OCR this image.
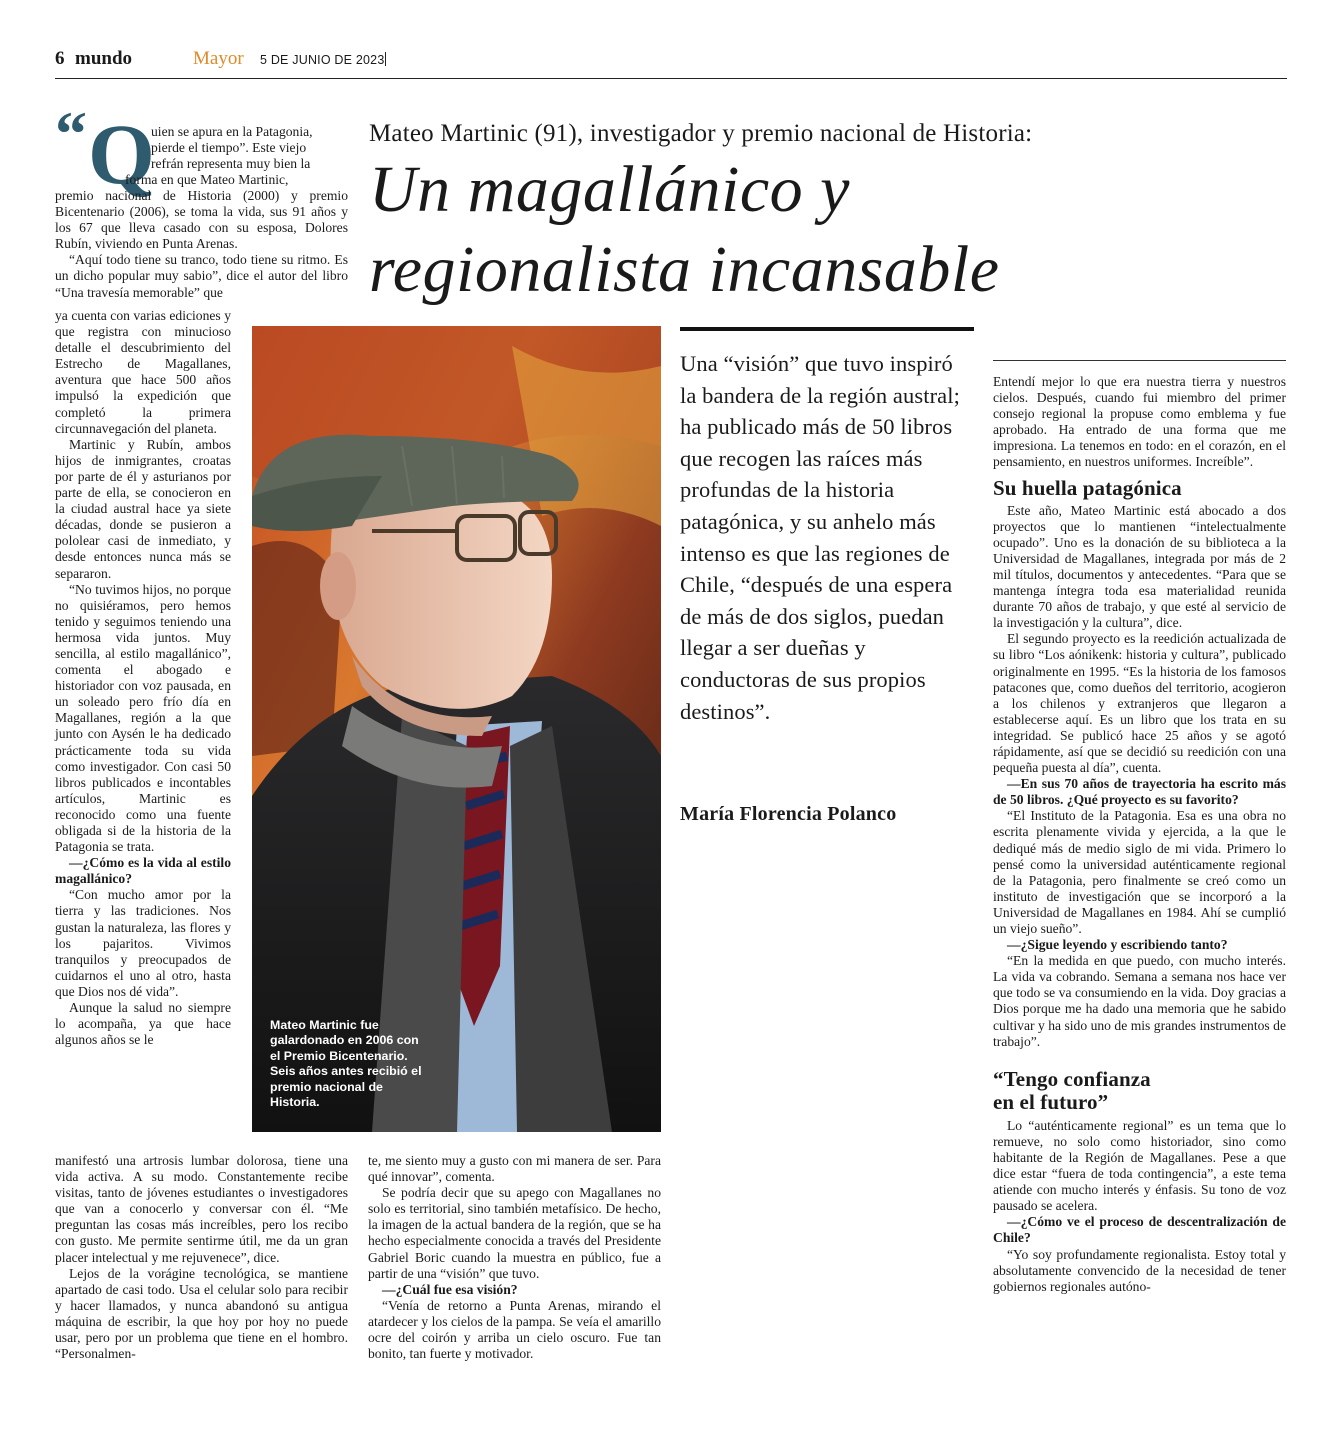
6 mundo	Mayor 5 DE JUNIO DE 2023
Mateo Martinic (91), investigador y premio nacional de Historia:
Un magallánico y
regionalista incansable
“ Q
uien se apura en la Patagonia,
pierde el tiempo”. Este viejo
refrán representa muy bien la
forma en que Mateo Martinic,

premio nacional de Historia (2000) y premio Bicentenario (2006), se toma la vida, sus 91 años y los 67 que lleva casado con su esposa, Dolores Rubín, viviendo en Punta Arenas.

“Aquí todo tiene su tranco, todo tiene su ritmo. Es un dicho popular muy sabio”, dice el autor del libro “Una travesía memorable” que

ya cuenta con varias ediciones y que registra con minucioso detalle el descubrimiento del Estrecho de Magallanes, aventura que hace 500 años impulsó la expedición que completó la primera circunnavegación del planeta.

Martinic y Rubín, ambos hijos de inmigrantes, croatas por parte de él y asturianos por parte de ella, se conocieron en la ciudad austral hace ya siete décadas, donde se pusieron a pololear casi de inmediato, y desde entonces nunca más se separaron.

“No tuvimos hijos, no porque no quisiéramos, pero hemos tenido y seguimos teniendo una hermosa vida juntos. Muy sencilla, al estilo magallánico”, comenta el abogado e historiador con voz pausada, en un soleado pero frío día en Magallanes, región a la que junto con Aysén le ha dedicado prácticamente toda su vida como investigador. Con casi 50 libros publicados e incontables artículos, Martinic es reconocido como una fuente obligada si de la historia de la Patagonia se trata.

—¿Cómo es la vida al estilo magallánico?

“Con mucho amor por la tierra y las tradiciones. Nos gustan la naturaleza, las flores y los pajaritos. Vivimos tranquilos y preocupados de cuidarnos el uno al otro, hasta que Dios nos dé vida”.

Aunque la salud no siempre lo acompaña, ya que hace algunos años se le

manifestó una artrosis lumbar dolorosa, tiene una vida activa. A su modo. Constantemente recibe visitas, tanto de jóvenes estudiantes o investigadores que van a conocerlo y conversar con él. “Me preguntan las cosas más increíbles, pero los recibo con gusto. Me permite sentirme útil, me da un gran placer intelectual y me rejuvenece”, dice.

Lejos de la vorágine tecnológica, se mantiene apartado de casi todo. Usa el celular solo para recibir y hacer llamados, y nunca abandonó su antigua máquina de escribir, la que hoy por hoy no puede usar, pero por un problema que tiene en el hombro. “Personalmen-

Mateo Martinic fue galardonado en 2006 con el Premio Bicentenario. Seis años antes recibió el premio nacional de Historia.

te, me siento muy a gusto con mi manera de ser. Para qué innovar”, comenta.

Se podría decir que su apego con Magallanes no solo es territorial, sino también metafísico. De hecho, la imagen de la actual bandera de la región, que se ha hecho especialmente conocida a través del Presidente Gabriel Boric cuando la muestra en público, fue a partir de una “visión” que tuvo.

—¿Cuál fue esa visión?

“Venía de retorno a Punta Arenas, mirando el atardecer y los cielos de la pampa. Se veía el amarillo ocre del coirón y arriba un cielo oscuro. Fue tan bonito, tan fuerte y motivador.

Una “visión” que tuvo inspiró la bandera de la región austral; ha publicado más de 50 libros que recogen las raíces más profundas de la historia patagónica, y su anhelo más intenso es que las regiones de Chile, “después de una espera de más de dos siglos, puedan llegar a ser dueñas y conductoras de sus propios destinos”.
María Florencia Polanco

Entendí mejor lo que era nuestra tierra y nuestros cielos. Después, cuando fui miembro del primer consejo regional la propuse como emblema y fue aprobado. Ha entrado de una forma que me impresiona. La tenemos en todo: en el corazón, en el pensamiento, en nuestros uniformes. Increíble”.

Su huella patagónica

Este año, Mateo Martinic está abocado a dos proyectos que lo mantienen “intelectualmente ocupado”. Uno es la donación de su biblioteca a la Universidad de Magallanes, integrada por más de 2 mil títulos, documentos y antecedentes. “Para que se mantenga íntegra toda esa materialidad reunida durante 70 años de trabajo, y que esté al servicio de la investigación y la cultura”, dice.

El segundo proyecto es la reedición actualizada de su libro “Los aónikenk: historia y cultura”, publicado originalmente en 1995. “Es la historia de los famosos patacones que, como dueños del territorio, acogieron a los chilenos y extranjeros que llegaron a establecerse aquí. Es un libro que los trata en su integridad. Se publicó hace 25 años y se agotó rápidamente, así que se decidió su reedición con una pequeña puesta al día”, cuenta.

—En sus 70 años de trayectoria ha escrito más de 50 libros. ¿Qué proyecto es su favorito?

“El Instituto de la Patagonia. Esa es una obra no escrita plenamente vivida y ejercida, a la que le dediqué más de medio siglo de mi vida. Primero lo pensé como la universidad auténticamente regional de la Patagonia, pero finalmente se creó como un instituto de investigación que se incorporó a la Universidad de Magallanes en 1984. Ahí se cumplió un viejo sueño”.

—¿Sigue leyendo y escribiendo tanto?

“En la medida en que puedo, con mucho interés. La vida va cobrando. Semana a semana nos hace ver que todo se va consumiendo en la vida. Doy gracias a Dios porque me ha dado una memoria que he sabido cultivar y ha sido uno de mis grandes instrumentos de trabajo”.

“Tengo confianza
en el futuro”

Lo “auténticamente regional” es un tema que lo remueve, no solo como historiador, sino como habitante de la Región de Magallanes. Pese a que dice estar “fuera de toda contingencia”, a este tema atiende con mucho interés y énfasis. Su tono de voz pausado se acelera.

—¿Cómo ve el proceso de descentralización de Chile?

“Yo soy profundamente regionalista. Estoy total y absolutamente convencido de la necesidad de tener gobiernos regionales autóno-
